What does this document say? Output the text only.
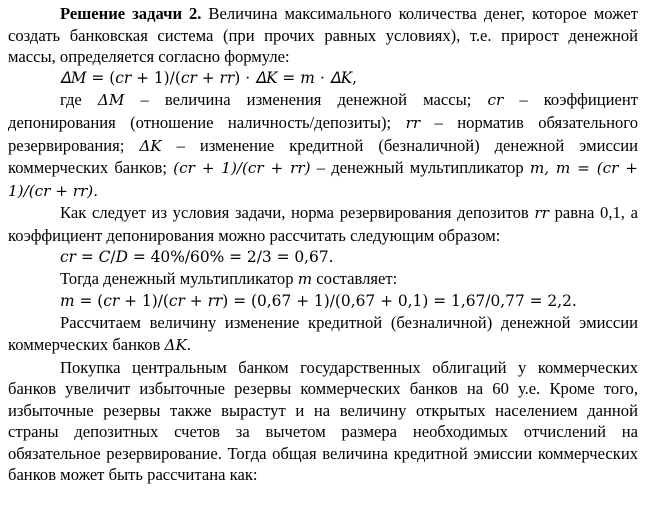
Решение задачи 2. Величина максимального количества денег, которое может создать банковская система (при прочих равных условиях), т.е. прирост денежной массы, определяется согласно формуле:

𝛥𝑀 = (𝑐𝑟 + 1)/(𝑐𝑟 + 𝑟𝑟) ⋅ 𝛥𝐾 = 𝑚 ⋅ 𝛥𝐾,

где 𝛥𝑀 – величина изменения денежной массы; 𝑐𝑟 – коэффициент депонирования (отношение наличность/депозиты); 𝑟𝑟 – норматив обязательного резервирования; 𝛥𝐾 – изменение кредитной (безналичной) денежной эмиссии коммерческих банков; (𝑐𝑟 + 1)/(𝑐𝑟 + 𝑟𝑟) – денежный мультипликатор 𝑚, 𝑚 = (𝑐𝑟 + 1)/(𝑐𝑟 + 𝑟𝑟).

Как следует из условия задачи, норма резервирования депозитов 𝑟𝑟 равна 0,1, а коэффициент депонирования можно рассчитать следующим образом:

𝑐𝑟 = 𝐶/𝐷 = 40%/60% = 2/3 = 0,67.

Тогда денежный мультипликатор 𝑚 составляет:

𝑚 = (𝑐𝑟 + 1)/(𝑐𝑟 + 𝑟𝑟) = (0,67 + 1)/(0,67 + 0,1) = 1,67/0,77 = 2,2.

Рассчитаем величину изменение кредитной (безналичной) денежной эмиссии коммерческих банков 𝛥𝐾.

Покупка центральным банком государственных облигаций у коммерческих банков увеличит избыточные резервы коммерческих банков на 60 у.е. Кроме того, избыточные резервы также вырастут и на величину открытых населением данной страны депозитных счетов за вычетом размера необходимых отчислений на обязательное резервирование. Тогда общая величина кредитной эмиссии коммерческих банков может быть рассчитана как:
